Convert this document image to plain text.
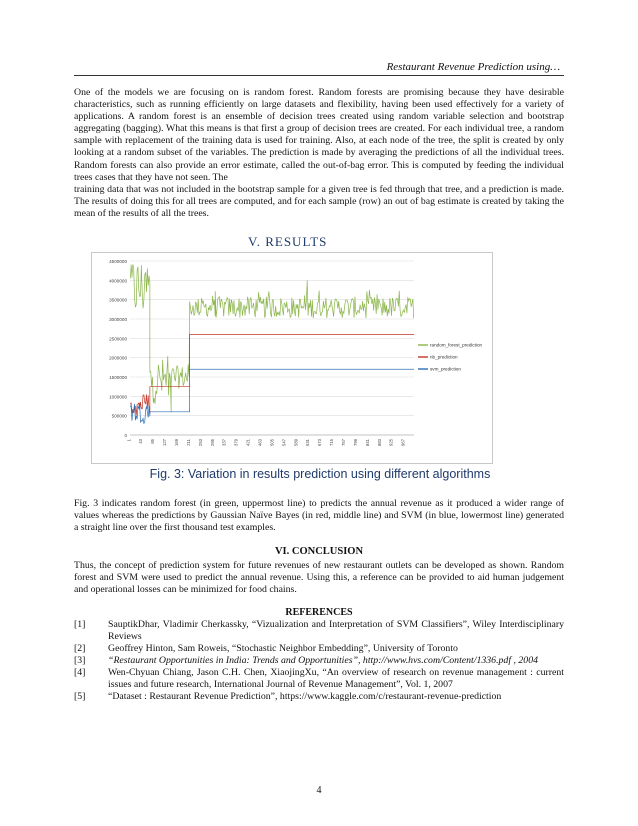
Restaurant Revenue Prediction using…

One of the models we are focusing on is random forest. Random forests are promising because they have desirable characteristics, such as running efficiently on large datasets and flexibility, having been used effectively for a variety of applications. A random forest is an ensemble of decision trees created using random variable selection and bootstrap aggregating (bagging). What this means is that first a group of decision trees are created. For each individual tree, a random sample with replacement of the training data is used for training. Also, at each node of the tree, the split is created by only looking at a random subset of the variables. The prediction is made by averaging the predictions of all the individual trees. Random forests can also provide an error estimate, called the out-of-bag error. This is computed by feeding the individual trees cases that they have not seen. The

training data that was not included in the bootstrap sample for a given tree is fed through that tree, and a prediction is made. The results of doing this for all trees are computed, and for each sample (row) an out of bag estimate is created by taking the mean of the results of all the trees.

V. RESULTS
4500000
4000000
3500000
3000000
2500000
2000000
1500000
1000000
500000
0
1 43 85 127 169 211 253 295 337 379 421 463 505 547 589 631 673 715 757 799 841 883 925 967
random_forest_prediction
nb_prediction
svm_prediction
Fig. 3: Variation in results prediction using different algorithms

Fig. 3 indicates random forest (in green, uppermost line) to predicts the annual revenue as it produced a wider range of values whereas the predictions by Gaussian Naïve Bayes (in red, middle line) and SVM (in blue, lowermost line) generated a straight line over the first thousand test examples.

VI. CONCLUSION

Thus, the concept of prediction system for future revenues of new restaurant outlets can be developed as shown. Random forest and SVM were used to predict the annual revenue. Using this, a reference can be provided to aid human judgement and operational losses can be minimized for food chains.

REFERENCES
[1]	SauptikDhar, Vladimir Cherkassky, “Vizualization and Interpretation of SVM Classifiers”, Wiley Interdisciplinary Reviews
[2]	Geoffrey Hinton, Sam Roweis, “Stochastic Neighbor Embedding”, University of Toronto
[3]	“Restaurant Opportunities in India: Trends and Opportunities”, http://www.hvs.com/Content/1336.pdf , 2004
[4]	Wen-Chyuan Chiang, Jason C.H. Chen, XiaojingXu, “An overview of research on revenue management : current issues and future research, International Journal of Revenue Management”, Vol. 1, 2007
[5]	“Dataset : Restaurant Revenue Prediction”, https://www.kaggle.com/c/restaurant-revenue-prediction
4
